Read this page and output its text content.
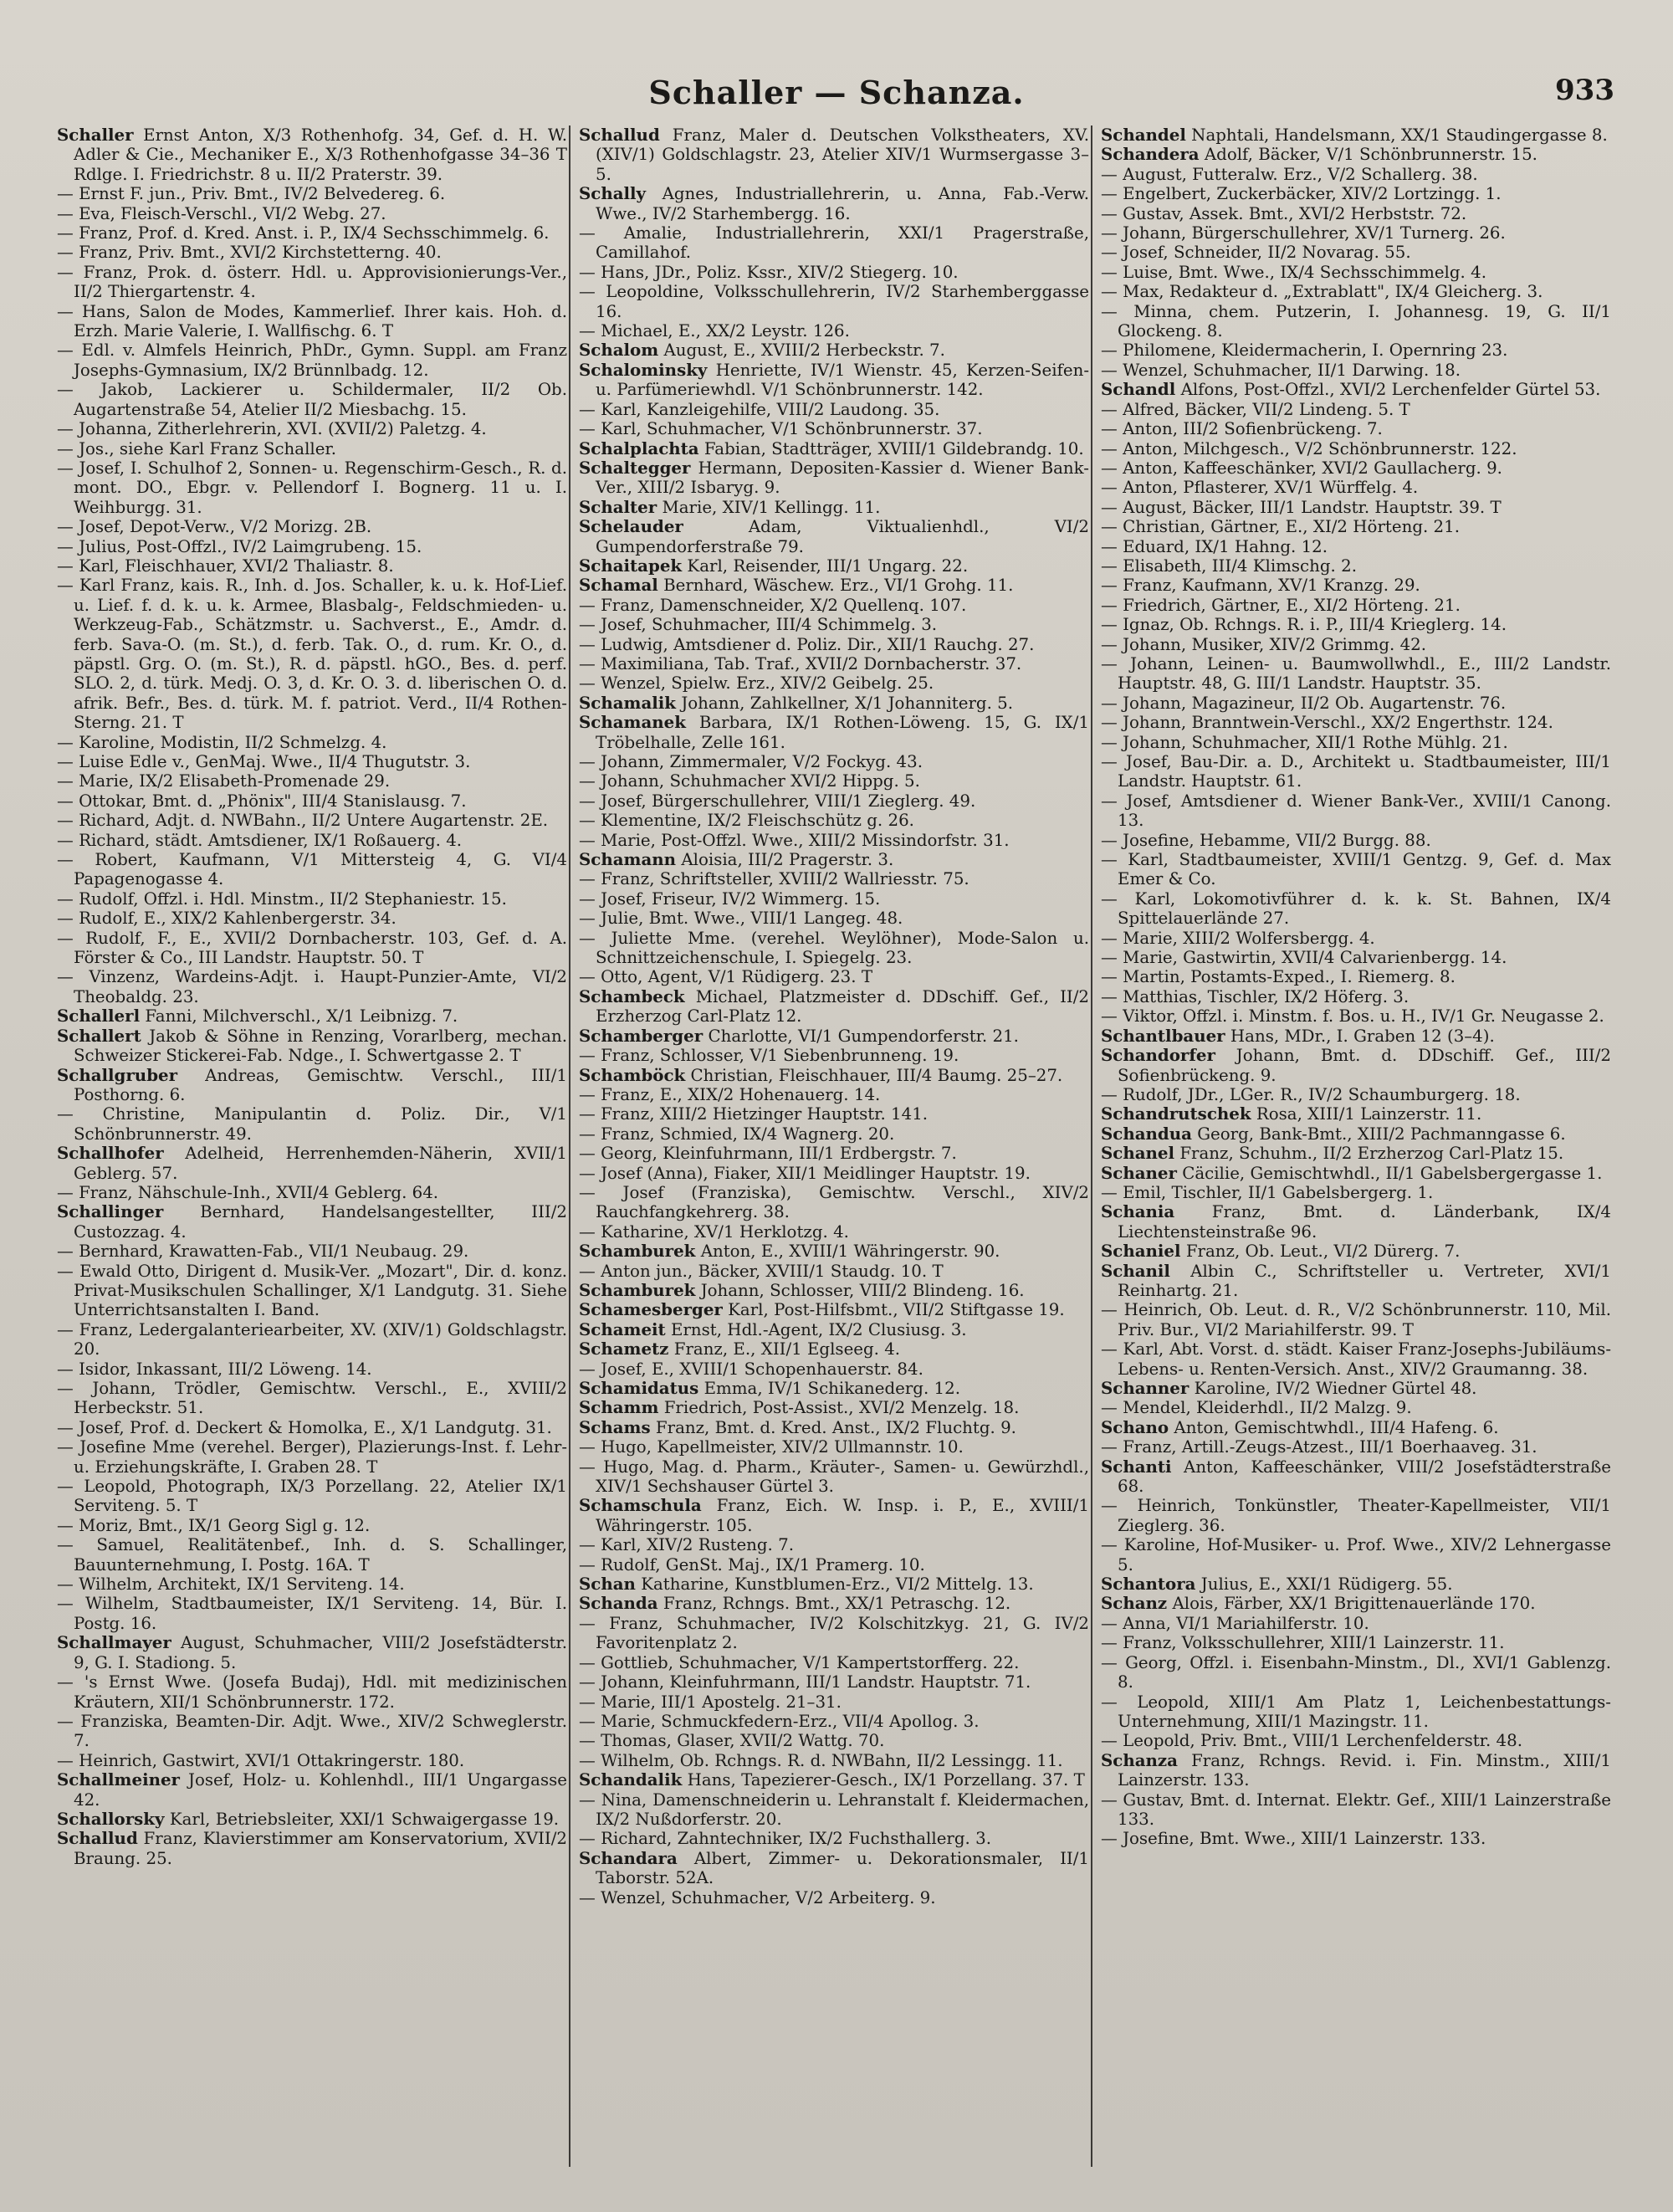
Schaller — Schanza.	933
Schaller Ernst Anton, X/3 Rothenhofg. 34, Gef. d. H. W. Adler & Cie., Mechaniker E., X/3 Rothenhofgasse 34–36 T Rdlge. I. Friedrichstr. 8 u. II/2 Praterstr. 39.
— Ernst F. jun., Priv. Bmt., IV/2 Belvedereg. 6.
— Eva, Fleisch-Verschl., VI/2 Webg. 27.
— Franz, Prof. d. Kred. Anst. i. P., IX/4 Sechsschimmelg. 6.
— Franz, Priv. Bmt., XVI/2 Kirchstetterng. 40.
— Franz, Prok. d. österr. Hdl. u. Approvisionierungs-Ver., II/2 Thiergartenstr. 4.
— Hans, Salon de Modes, Kammerlief. Ihrer kais. Hoh. d. Erzh. Marie Valerie, I. Wallfischg. 6. T
— Edl. v. Almfels Heinrich, PhDr., Gymn. Suppl. am Franz Josephs-Gymnasium, IX/2 Brünnlbadg. 12.
— Jakob, Lackierer u. Schildermaler, II/2 Ob. Augartenstraße 54, Atelier II/2 Miesbachg. 15.
— Johanna, Zitherlehrerin, XVI. (XVII/2) Paletzg. 4.
— Jos., siehe Karl Franz Schaller.
— Josef, I. Schulhof 2, Sonnen- u. Regenschirm-Gesch., R. d. mont. DO., Ebgr. v. Pellendorf I. Bognerg. 11 u. I. Weihburgg. 31.
— Josef, Depot-Verw., V/2 Morizg. 2B.
— Julius, Post-Offzl., IV/2 Laimgrubeng. 15.
— Karl, Fleischhauer, XVI/2 Thaliastr. 8.
— Karl Franz, kais. R., Inh. d. Jos. Schaller, k. u. k. Hof-Lief. u. Lief. f. d. k. u. k. Armee, Blasbalg-, Feldschmieden- u. Werkzeug-Fab., Schätzmstr. u. Sachverst., E., Amdr. d. ferb. Sava-O. (m. St.), d. ferb. Tak. O., d. rum. Kr. O., d. päpstl. Grg. O. (m. St.), R. d. päpstl. hGO., Bes. d. perf. SLO. 2, d. türk. Medj. O. 3, d. Kr. O. 3. d. liberischen O. d. afrik. Befr., Bes. d. türk. M. f. patriot. Verd., II/4 Rothen-Sterng. 21. T
— Karoline, Modistin, II/2 Schmelzg. 4.
— Luise Edle v., GenMaj. Wwe., II/4 Thugutstr. 3.
— Marie, IX/2 Elisabeth-Promenade 29.
— Ottokar, Bmt. d. „Phönix", III/4 Stanislausg. 7.
— Richard, Adjt. d. NWBahn., II/2 Untere Augartenstr. 2E.
— Richard, städt. Amtsdiener, IX/1 Roßauerg. 4.
— Robert, Kaufmann, V/1 Mittersteig 4, G. VI/4 Papagenogasse 4.
— Rudolf, Offzl. i. Hdl. Minstm., II/2 Stephaniestr. 15.
— Rudolf, E., XIX/2 Kahlenbergerstr. 34.
— Rudolf, F., E., XVII/2 Dornbacherstr. 103, Gef. d. A. Förster & Co., III Landstr. Hauptstr. 50. T
— Vinzenz, Wardeins-Adjt. i. Haupt-Punzier-Amte, VI/2 Theobaldg. 23.
Schallerl Fanni, Milchverschl., X/1 Leibnizg. 7.
Schallert Jakob & Söhne in Renzing, Vorarlberg, mechan. Schweizer Stickerei-Fab. Ndge., I. Schwertgasse 2. T
Schallgruber Andreas, Gemischtw. Verschl., III/1 Posthorng. 6.
— Christine, Manipulantin d. Poliz. Dir., V/1 Schönbrunnerstr. 49.
Schallhofer Adelheid, Herrenhemden-Näherin, XVII/1 Geblerg. 57.
— Franz, Nähschule-Inh., XVII/4 Geblerg. 64.
Schallinger Bernhard, Handelsangestellter, III/2 Custozzag. 4.
— Bernhard, Krawatten-Fab., VII/1 Neubaug. 29.
— Ewald Otto, Dirigent d. Musik-Ver. „Mozart", Dir. d. konz. Privat-Musikschulen Schallinger, X/1 Landgutg. 31. Siehe Unterrichtsanstalten I. Band.
— Franz, Ledergalanteriearbeiter, XV. (XIV/1) Goldschlagstr. 20.
— Isidor, Inkassant, III/2 Löweng. 14.
— Johann, Trödler, Gemischtw. Verschl., E., XVIII/2 Herbeckstr. 51.
— Josef, Prof. d. Deckert & Homolka, E., X/1 Landgutg. 31.
— Josefine Mme (verehel. Berger), Plazierungs-Inst. f. Lehr- u. Erziehungskräfte, I. Graben 28. T
— Leopold, Photograph, IX/3 Porzellang. 22, Atelier IX/1 Serviteng. 5. T
— Moriz, Bmt., IX/1 Georg Sigl g. 12.
— Samuel, Realitätenbef., Inh. d. S. Schallinger, Bauunternehmung, I. Postg. 16A. T
— Wilhelm, Architekt, IX/1 Serviteng. 14.
— Wilhelm, Stadtbaumeister, IX/1 Serviteng. 14, Bür. I. Postg. 16.
Schallmayer August, Schuhmacher, VIII/2 Josefstädterstr. 9, G. I. Stadiong. 5.
— 's Ernst Wwe. (Josefa Budaj), Hdl. mit medizinischen Kräutern, XII/1 Schönbrunnerstr. 172.
— Franziska, Beamten-Dir. Adjt. Wwe., XIV/2 Schweglerstr. 7.
— Heinrich, Gastwirt, XVI/1 Ottakringerstr. 180.
Schallmeiner Josef, Holz- u. Kohlenhdl., III/1 Ungargasse 42.
Schallorsky Karl, Betriebsleiter, XXI/1 Schwaigergasse 19.
Schallud Franz, Klavierstimmer am Konservatorium, XVII/2 Braung. 25.
Schallud Franz, Maler d. Deutschen Volkstheaters, XV. (XIV/1) Goldschlagstr. 23, Atelier XIV/1 Wurmsergasse 3–5.
Schally Agnes, Industriallehrerin, u. Anna, Fab.-Verw. Wwe., IV/2 Starhembergg. 16.
— Amalie, Industriallehrerin, XXI/1 Pragerstraße, Camillahof.
— Hans, JDr., Poliz. Kssr., XIV/2 Stiegerg. 10.
— Leopoldine, Volksschullehrerin, IV/2 Starhemberggasse 16.
— Michael, E., XX/2 Leystr. 126.
Schalom August, E., XVIII/2 Herbeckstr. 7.
Schalominsky Henriette, IV/1 Wienstr. 45, Kerzen-Seifen- u. Parfümeriewhdl. V/1 Schönbrunnerstr. 142.
— Karl, Kanzleigehilfe, VIII/2 Laudong. 35.
— Karl, Schuhmacher, V/1 Schönbrunnerstr. 37.
Schalplachta Fabian, Stadtträger, XVIII/1 Gildebrandg. 10.
Schaltegger Hermann, Depositen-Kassier d. Wiener Bank-Ver., XIII/2 Isbaryg. 9.
Schalter Marie, XIV/1 Kellingg. 11.
Schelauder	Adam, Viktualienhdl., VI/2 Gumpendorferstraße 79.
Schaitapek Karl, Reisender, III/1 Ungarg. 22.
Schamal Bernhard, Wäschew. Erz., VI/1 Grohg. 11.
— Franz, Damenschneider, X/2 Quellenq. 107.
— Josef, Schuhmacher, III/4 Schimmelg. 3.
— Ludwig, Amtsdiener d. Poliz. Dir., XII/1 Rauchg. 27.
— Maximiliana, Tab. Traf., XVII/2 Dornbacherstr. 37.
— Wenzel, Spielw. Erz., XIV/2 Geibelg. 25.
Schamalik Johann, Zahlkellner, X/1 Johanniterg. 5.
Schamanek Barbara, IX/1 Rothen-Löweng. 15, G. IX/1 Tröbelhalle, Zelle 161.
— Johann, Zimmermaler, V/2 Fockyg. 43.
— Johann, Schuhmacher XVI/2 Hippg. 5.
— Josef, Bürgerschullehrer, VIII/1 Zieglerg. 49.
— Klementine, IX/2 Fleischschütz g. 26.
— Marie, Post-Offzl. Wwe., XIII/2 Missindorfstr. 31.
Schamann Aloisia, III/2 Pragerstr. 3.
— Franz, Schriftsteller, XVIII/2 Wallriesstr. 75.
— Josef, Friseur, IV/2 Wimmerg. 15.
— Julie, Bmt. Wwe., VIII/1 Langeg. 48.
— Juliette Mme. (verehel. Weylöhner), Mode-Salon u. Schnittzeichenschule, I. Spiegelg. 23.
— Otto, Agent, V/1 Rüdigerg. 23. T
Schambeck Michael, Platzmeister d. DDschiff. Gef., II/2 Erzherzog Carl-Platz 12.
Schamberger Charlotte, VI/1 Gumpendorferstr. 21.
— Franz, Schlosser, V/1 Siebenbrunneng. 19.
Schamböck Christian, Fleischhauer, III/4 Baumg. 25–27.
— Franz, E., XIX/2 Hohenauerg. 14.
— Franz, XIII/2 Hietzinger Hauptstr. 141.
— Franz, Schmied, IX/4 Wagnerg. 20.
— Georg, Kleinfuhrmann, III/1 Erdbergstr. 7.
— Josef (Anna), Fiaker, XII/1 Meidlinger Hauptstr. 19.
— Josef (Franziska), Gemischtw. Verschl., XIV/2 Rauchfangkehrerg. 38.
— Katharine, XV/1 Herklotzg. 4.
Schamburek Anton, E., XVIII/1 Währingerstr. 90.
— Anton jun., Bäcker, XVIII/1 Staudg. 10. T
Schamburek Johann, Schlosser, VIII/2 Blindeng. 16.
Schamesberger Karl, Post-Hilfsbmt., VII/2 Stiftgasse 19.
Schameit Ernst, Hdl.-Agent, IX/2 Clusiusg. 3.
Schametz Franz, E., XII/1 Eglseeg. 4.
— Josef, E., XVIII/1 Schopenhauerstr. 84.
Schamidatus Emma, IV/1 Schikanederg. 12.
Schamm Friedrich, Post-Assist., XVI/2 Menzelg. 18.
Schams Franz, Bmt. d. Kred. Anst., IX/2 Fluchtg. 9.
— Hugo, Kapellmeister, XIV/2 Ullmannstr. 10.
— Hugo, Mag. d. Pharm., Kräuter-, Samen- u. Gewürzhdl., XIV/1 Sechshauser Gürtel 3.
Schamschula Franz, Eich. W. Insp. i. P., E., XVIII/1 Währingerstr. 105.
— Karl, XIV/2 Rusteng. 7.
— Rudolf, GenSt. Maj., IX/1 Pramerg. 10.
Schan Katharine, Kunstblumen-Erz., VI/2 Mittelg. 13.
Schanda Franz, Rchngs. Bmt., XX/1 Petraschg. 12.
— Franz, Schuhmacher, IV/2 Kolschitzkyg. 21, G. IV/2 Favoritenplatz 2.
— Gottlieb, Schuhmacher, V/1 Kampertstorfferg. 22.
— Johann, Kleinfuhrmann, III/1 Landstr. Hauptstr. 71.
— Marie, III/1 Apostelg. 21–31.
— Marie, Schmuckfedern-Erz., VII/4 Apollog. 3.
— Thomas, Glaser, XVII/2 Wattg. 70.
— Wilhelm, Ob. Rchngs. R. d. NWBahn, II/2 Lessingg. 11.
Schandalik Hans, Tapezierer-Gesch., IX/1 Porzellang. 37. T
— Nina, Damenschneiderin u. Lehranstalt f. Kleidermachen, IX/2 Nußdorferstr. 20.
— Richard, Zahntechniker, IX/2 Fuchsthallerg. 3.
Schandara Albert, Zimmer- u. Dekorationsmaler, II/1 Taborstr. 52A.
— Wenzel, Schuhmacher, V/2 Arbeiterg. 9.
Schandel Naphtali, Handelsmann, XX/1 Staudingergasse 8.
Schandera Adolf, Bäcker, V/1 Schönbrunnerstr. 15.
— August, Futteralw. Erz., V/2 Schallerg. 38.
— Engelbert, Zuckerbäcker, XIV/2 Lortzingg. 1.
— Gustav, Assek. Bmt., XVI/2 Herbststr. 72.
— Johann, Bürgerschullehrer, XV/1 Turnerg. 26.
— Josef, Schneider, II/2 Novarag. 55.
— Luise, Bmt. Wwe., IX/4 Sechsschimmelg. 4.
— Max, Redakteur d. „Extrablatt", IX/4 Gleicherg. 3.
— Minna, chem. Putzerin, I. Johannesg. 19, G. II/1 Glockeng. 8.
— Philomene, Kleidermacherin, I. Opernring 23.
— Wenzel, Schuhmacher, II/1 Darwing. 18.
Schandl Alfons, Post-Offzl., XVI/2 Lerchenfelder Gürtel 53.
— Alfred, Bäcker, VII/2 Lindeng. 5. T
— Anton, III/2 Sofienbrückeng. 7.
— Anton, Milchgesch., V/2 Schönbrunnerstr. 122.
— Anton, Kaffeeschänker, XVI/2 Gaullacherg. 9.
— Anton, Pflasterer, XV/1 Würffelg. 4.
— August, Bäcker, III/1 Landstr. Hauptstr. 39. T
— Christian, Gärtner, E., XI/2 Hörteng. 21.
— Eduard, IX/1 Hahng. 12.
— Elisabeth, III/4 Klimschg. 2.
— Franz, Kaufmann, XV/1 Kranzg. 29.
— Friedrich, Gärtner, E., XI/2 Hörteng. 21.
— Ignaz, Ob. Rchngs. R. i. P., III/4 Krieglerg. 14.
— Johann, Musiker, XIV/2 Grimmg. 42.
— Johann, Leinen- u. Baumwollwhdl., E., III/2 Landstr. Hauptstr. 48, G. III/1 Landstr. Hauptstr. 35.
— Johann, Magazineur, II/2 Ob. Augartenstr. 76.
— Johann, Branntwein-Verschl., XX/2 Engerthstr. 124.
— Johann, Schuhmacher, XII/1 Rothe Mühlg. 21.
— Josef, Bau-Dir. a. D., Architekt u. Stadtbaumeister, III/1 Landstr. Hauptstr. 61.
— Josef, Amtsdiener d. Wiener Bank-Ver., XVIII/1 Canong. 13.
— Josefine, Hebamme, VII/2 Burgg. 88.
— Karl, Stadtbaumeister, XVIII/1 Gentzg. 9, Gef. d. Max Emer & Co.
— Karl, Lokomotivführer d. k. k. St. Bahnen, IX/4 Spittelauerlände 27.
— Marie, XIII/2 Wolfersbergg. 4.
— Marie, Gastwirtin, XVII/4 Calvarienbergg. 14.
— Martin, Postamts-Exped., I. Riemerg. 8.
— Matthias, Tischler, IX/2 Höferg. 3.
— Viktor, Offzl. i. Minstm. f. Bos. u. H., IV/1 Gr. Neugasse 2.
Schantlbauer Hans, MDr., I. Graben 12 (3–4).
Schandorfer Johann, Bmt. d. DDschiff. Gef., III/2 Sofienbrückeng. 9.
— Rudolf, JDr., LGer. R., IV/2 Schaumburgerg. 18.
Schandrutschek Rosa, XIII/1 Lainzerstr. 11.
Schandua Georg, Bank-Bmt., XIII/2 Pachmanngasse 6.
Schanel Franz, Schuhm., II/2 Erzherzog Carl-Platz 15.
Schaner Cäcilie, Gemischtwhdl., II/1 Gabelsbergergasse 1.
— Emil, Tischler, II/1 Gabelsbergerg. 1.
Schania Franz, Bmt. d. Länderbank, IX/4 Liechtensteinstraße 96.
Schaniel Franz, Ob. Leut., VI/2 Dürerg. 7.
Schanil Albin C., Schriftsteller u. Vertreter, XVI/1 Reinhartg. 21.
— Heinrich, Ob. Leut. d. R., V/2 Schönbrunnerstr. 110, Mil. Priv. Bur., VI/2 Mariahilferstr. 99. T
— Karl, Abt. Vorst. d. städt. Kaiser Franz-Josephs-Jubiläums-Lebens- u. Renten-Versich. Anst., XIV/2 Graumanng. 38.
Schanner Karoline, IV/2 Wiedner Gürtel 48.
— Mendel, Kleiderhdl., II/2 Malzg. 9.
Schano Anton, Gemischtwhdl., III/4 Hafeng. 6.
— Franz, Artill.-Zeugs-Atzest., III/1 Boerhaaveg. 31.
Schanti Anton, Kaffeeschänker, VIII/2 Josefstädterstraße 68.
— Heinrich, Tonkünstler, Theater-Kapellmeister, VII/1 Zieglerg. 36.
— Karoline, Hof-Musiker- u. Prof. Wwe., XIV/2 Lehnergasse 5.
Schantora Julius, E., XXI/1 Rüdigerg. 55.
Schanz Alois, Färber, XX/1 Brigittenauerlände 170.
— Anna, VI/1 Mariahilferstr. 10.
— Franz, Volksschullehrer, XIII/1 Lainzerstr. 11.
— Georg, Offzl. i. Eisenbahn-Minstm., Dl., XVI/1 Gablenzg. 8.
— Leopold, XIII/1 Am Platz 1, Leichenbestattungs-Unternehmung, XIII/1 Mazingstr. 11.
— Leopold, Priv. Bmt., VIII/1 Lerchenfelderstr. 48.
Schanza Franz, Rchngs. Revid. i. Fin. Minstm., XIII/1 Lainzerstr. 133.
— Gustav, Bmt. d. Internat. Elektr. Gef., XIII/1 Lainzerstraße 133.
— Josefine, Bmt. Wwe., XIII/1 Lainzerstr. 133.
